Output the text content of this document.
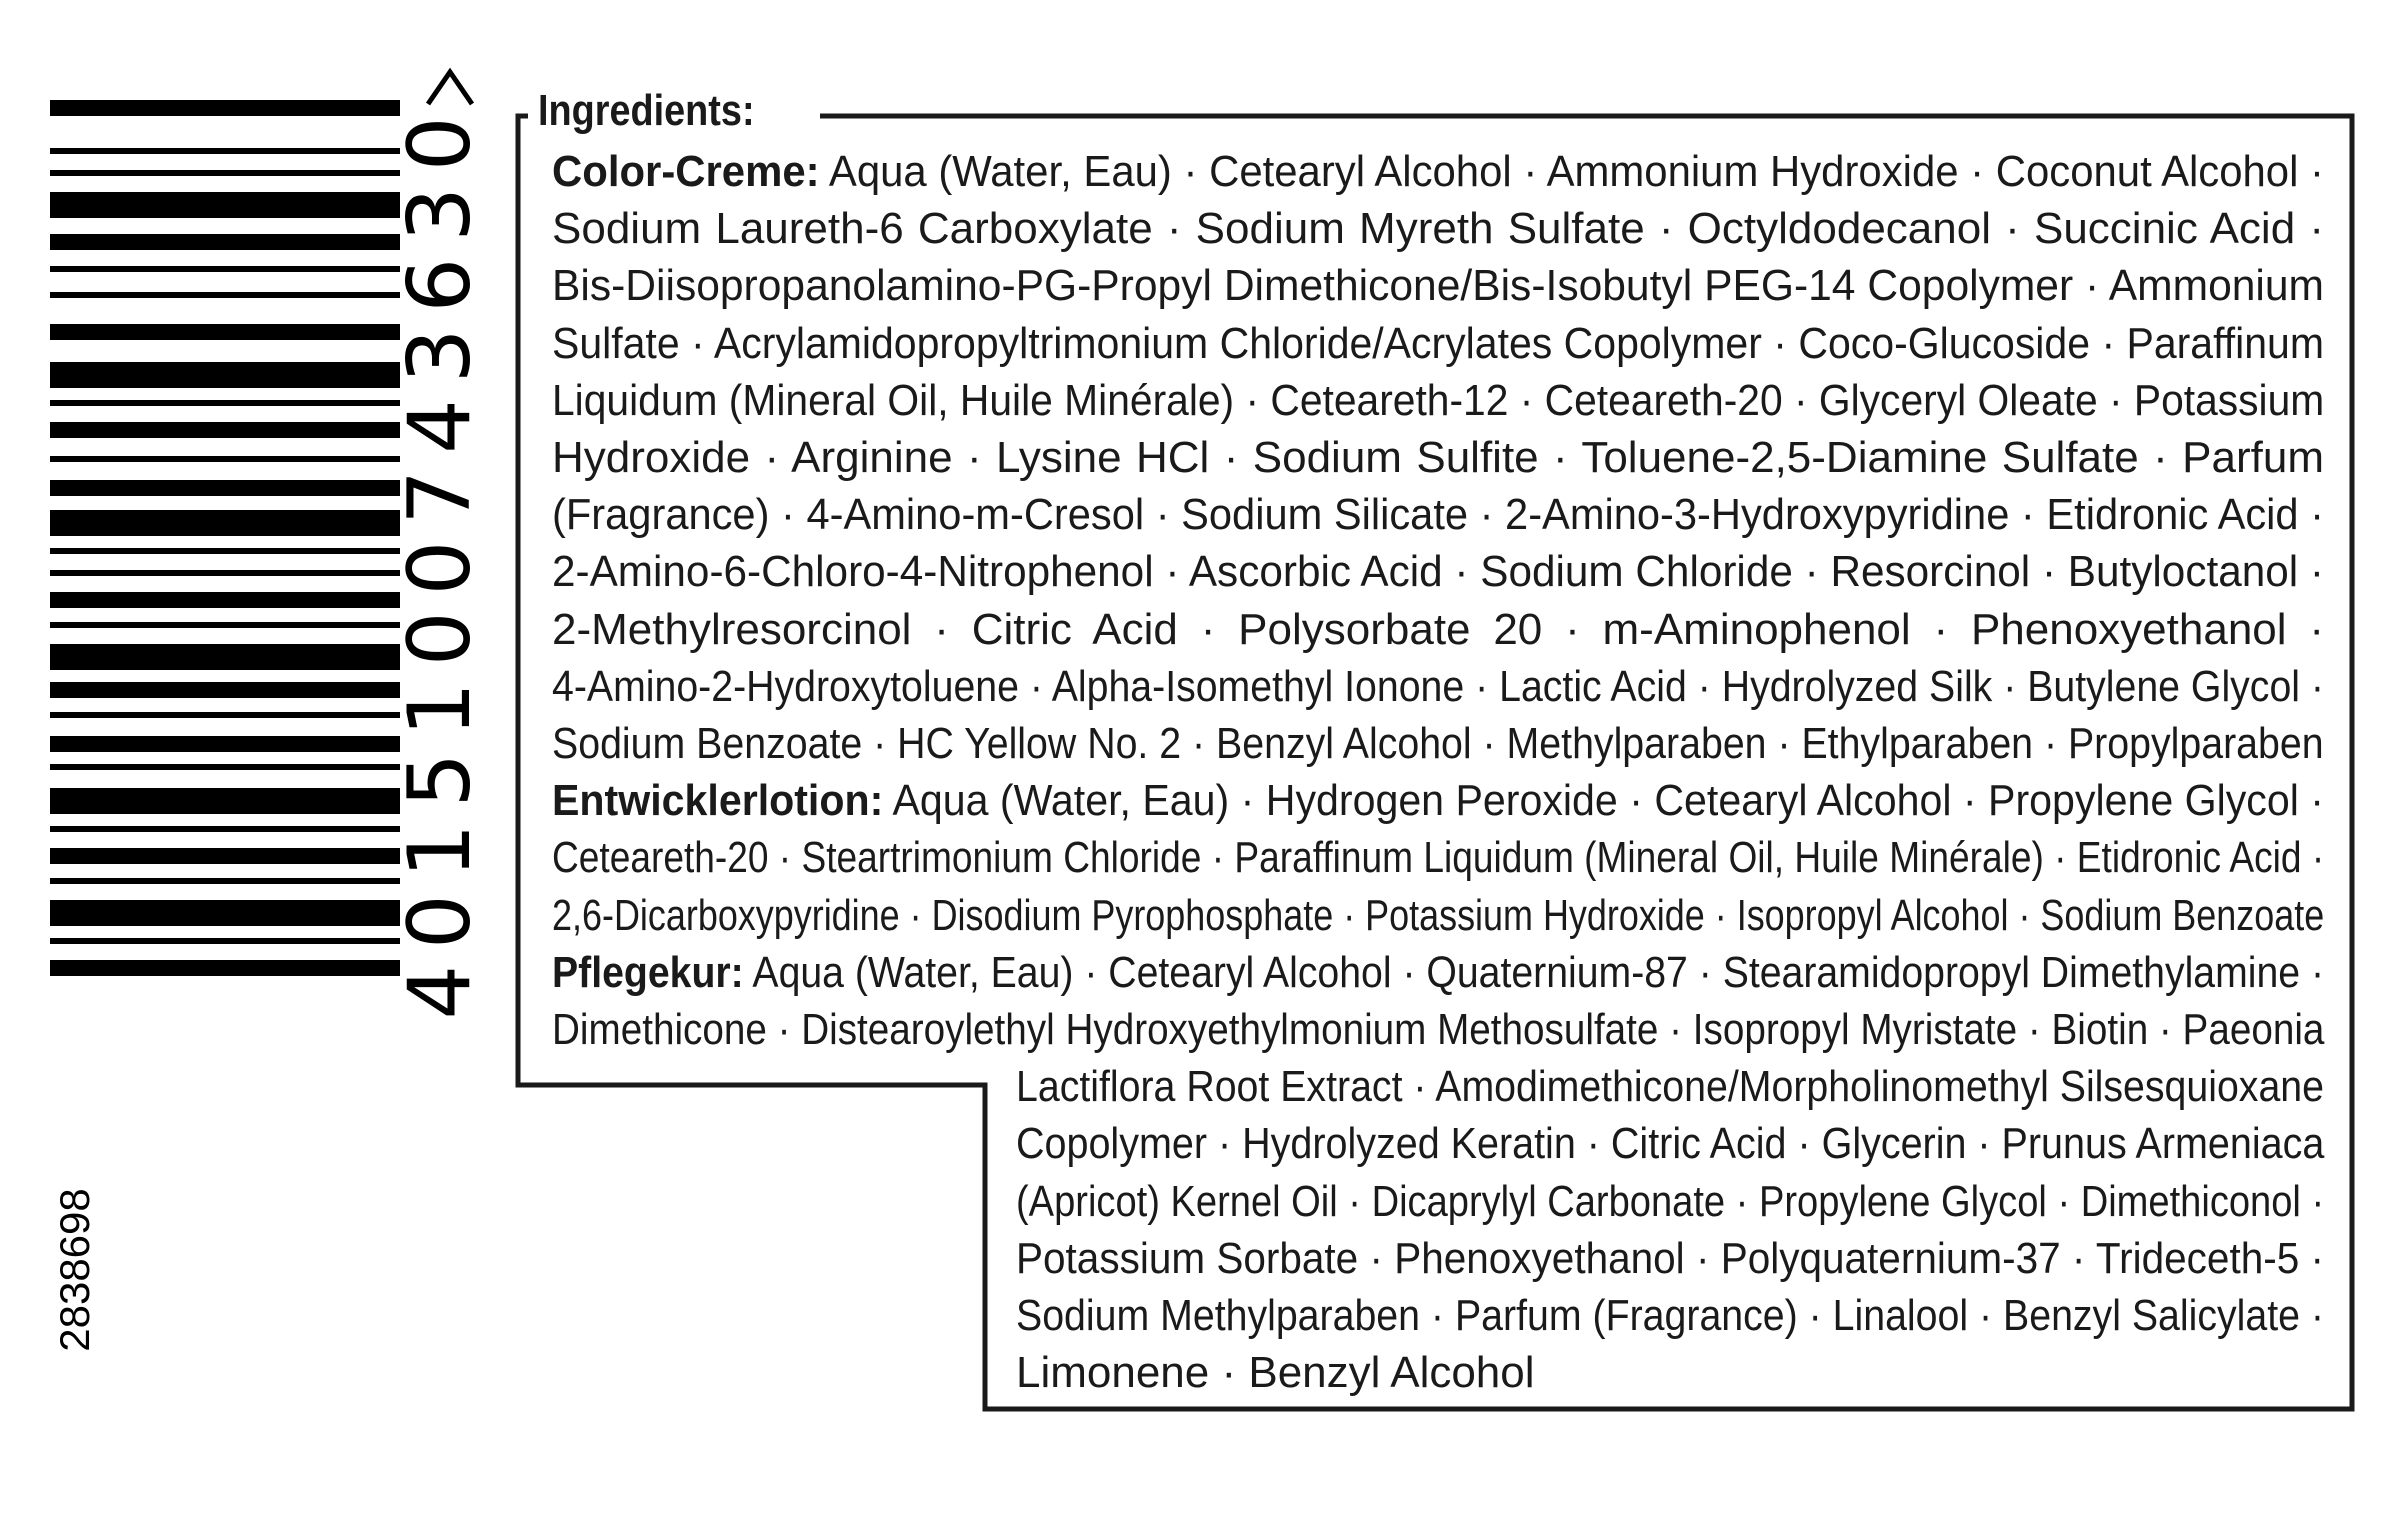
4015100743630
2838698
Ingredients:
Color-Creme: Aqua (Water, Eau) · Cetearyl Alcohol · Ammonium Hydroxide · Coconut Alcohol ·
Sodium Laureth-6 Carboxylate · Sodium Myreth Sulfate · Octyldodecanol · Succinic Acid ·
Bis-Diisopropanolamino-PG-Propyl Dimethicone/Bis-Isobutyl PEG-14 Copolymer · Ammonium
Sulfate · Acrylamidopropyltrimonium Chloride/Acrylates Copolymer · Coco-Glucoside · Paraffinum
Liquidum (Mineral Oil, Huile Minérale) · Ceteareth-12 · Ceteareth-20 · Glyceryl Oleate · Potassium
Hydroxide · Arginine · Lysine HCl · Sodium Sulfite · Toluene-2,5-Diamine Sulfate · Parfum
(Fragrance) · 4-Amino-m-Cresol · Sodium Silicate · 2-Amino-3-Hydroxypyridine · Etidronic Acid ·
2-Amino-6-Chloro-4-Nitrophenol · Ascorbic Acid · Sodium Chloride · Resorcinol · Butyloctanol ·
2-Methylresorcinol · Citric Acid · Polysorbate 20 · m-Aminophenol · Phenoxyethanol ·
4-Amino-2-Hydroxytoluene · Alpha-Isomethyl Ionone · Lactic Acid · Hydrolyzed Silk · Butylene Glycol ·
Sodium Benzoate · HC Yellow No. 2 · Benzyl Alcohol · Methylparaben · Ethylparaben · Propylparaben
Entwicklerlotion: Aqua (Water, Eau) · Hydrogen Peroxide · Cetearyl Alcohol · Propylene Glycol ·
Ceteareth-20 · Steartrimonium Chloride · Paraffinum Liquidum (Mineral Oil, Huile Minérale) · Etidronic Acid ·
2,6-Dicarboxypyridine · Disodium Pyrophosphate · Potassium Hydroxide · Isopropyl Alcohol · Sodium Benzoate
Pflegekur: Aqua (Water, Eau) · Cetearyl Alcohol · Quaternium-87 · Stearamidopropyl Dimethylamine ·
Dimethicone · Distearoylethyl Hydroxyethylmonium Methosulfate · Isopropyl Myristate · Biotin · Paeonia
Lactiflora Root Extract · Amodimethicone/Morpholinomethyl Silsesquioxane
Copolymer · Hydrolyzed Keratin · Citric Acid · Glycerin · Prunus Armeniaca
(Apricot) Kernel Oil · Dicaprylyl Carbonate · Propylene Glycol · Dimethiconol ·
Potassium Sorbate · Phenoxyethanol · Polyquaternium-37 · Trideceth-5 ·
Sodium Methylparaben · Parfum (Fragrance) · Linalool · Benzyl Salicylate ·
Limonene · Benzyl Alcohol
